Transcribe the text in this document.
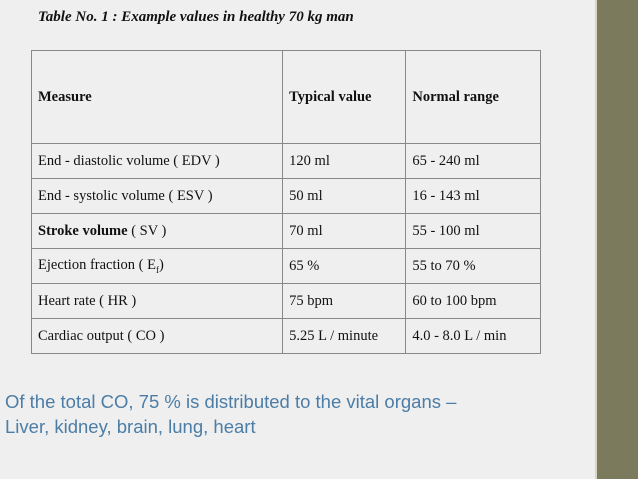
Table No. 1 : Example values in healthy 70 kg man
Measure	Typical value	Normal range
End - diastolic volume ( EDV )	120 ml	65 - 240 ml
End - systolic volume ( ESV )	50 ml	16 - 143 ml
Stroke volume ( SV )	70 ml	55 - 100 ml
Ejection fraction ( $E_f$)	65 %	55 to 70 %
Heart rate ( HR )	75 bpm	60 to 100 bpm
Cardiac output ( CO )	5.25 L / minute	4.0 - 8.0 L / min
Of the total CO, 75 % is distributed to the vital organs –
Liver, kidney, brain, lung, heart
